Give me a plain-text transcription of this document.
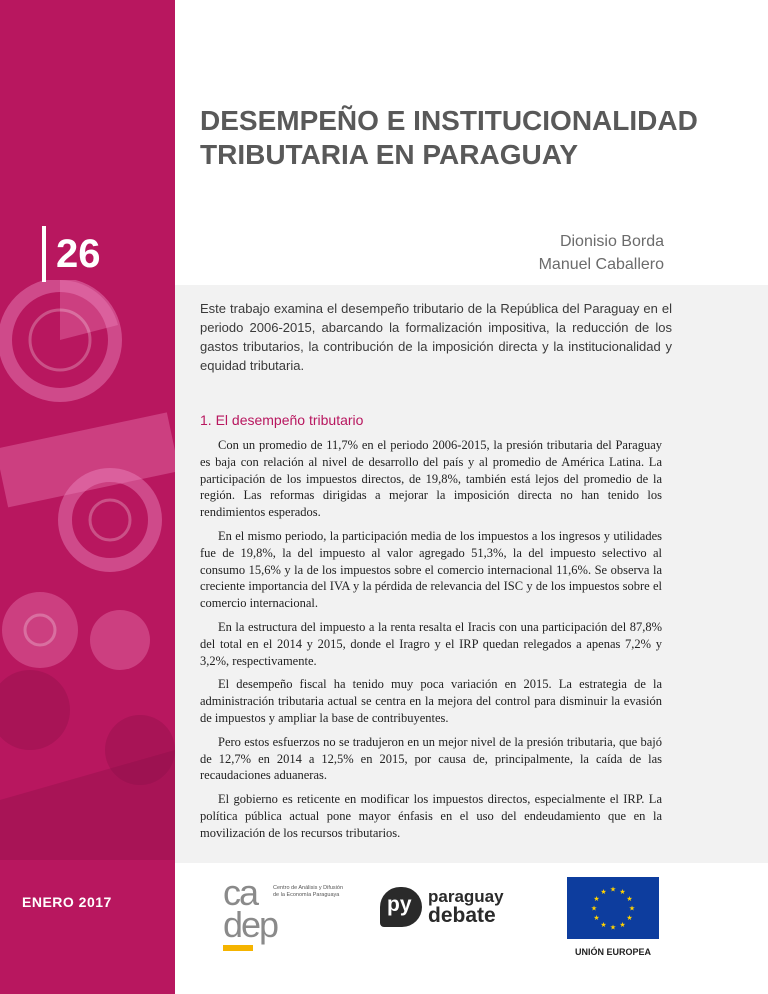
26
ENERO 2017
DESEMPEÑO E INSTITUCIONALIDAD TRIBUTARIA EN PARAGUAY
Dionisio Borda
Manuel Caballero

Este trabajo examina el desempeño tributario de la República del Paraguay en el periodo 2006-2015, abarcando la formalización impositiva, la reducción de los gastos tributarios, la contribución de la imposición directa y la institucionalidad y equidad tributaria.

1. El desempeño tributario

Con un promedio de 11,7% en el periodo 2006-2015, la presión tributaria del Paraguay es baja con relación al nivel de desarrollo del país y al promedio de América Latina. La participación de los impuestos directos, de 19,8%, también está lejos del promedio de la región. Las reformas dirigidas a mejorar la imposición directa no han tenido los rendimientos esperados.

En el mismo periodo, la participación media de los impuestos a los ingresos y utilidades fue de 19,8%, la del impuesto al valor agregado 51,3%, la del impuesto selectivo al consumo 15,6% y la de los impuestos sobre el comercio internacional 11,6%. Se observa la creciente importancia del IVA y la pérdida de relevancia del ISC y de los impuestos sobre el comercio internacional.

En la estructura del impuesto a la renta resalta el Iracis con una participación del 87,8% del total en el 2014 y 2015, donde el Iragro y el IRP quedan relegados a apenas 7,2% y 3,2%, respectivamente.

El desempeño fiscal ha tenido muy poca variación en 2015. La estrategia de la administración tributaria actual se centra en la mejora del control para disminuir la evasión de impuestos y ampliar la base de contribuyentes.

Pero estos esfuerzos no se tradujeron en un mejor nivel de la presión tributaria, que bajó de 12,7% en 2014 a 12,5% en 2015, por causa de, principalmente, la caída de las recaudaciones aduaneras.

El gobierno es reticente en modificar los impuestos directos, especialmente el IRP. La política pública actual pone mayor énfasis en el uso del endeudamiento que en la movilización de los recursos tributarios.

ca
dep
Centro de Análisis y Difusión
de la Economía Paraguaya py paraguay
debate
★ ★
★
★
★
★
★
★
★
★
★
★
UNIÓN EUROPEA
